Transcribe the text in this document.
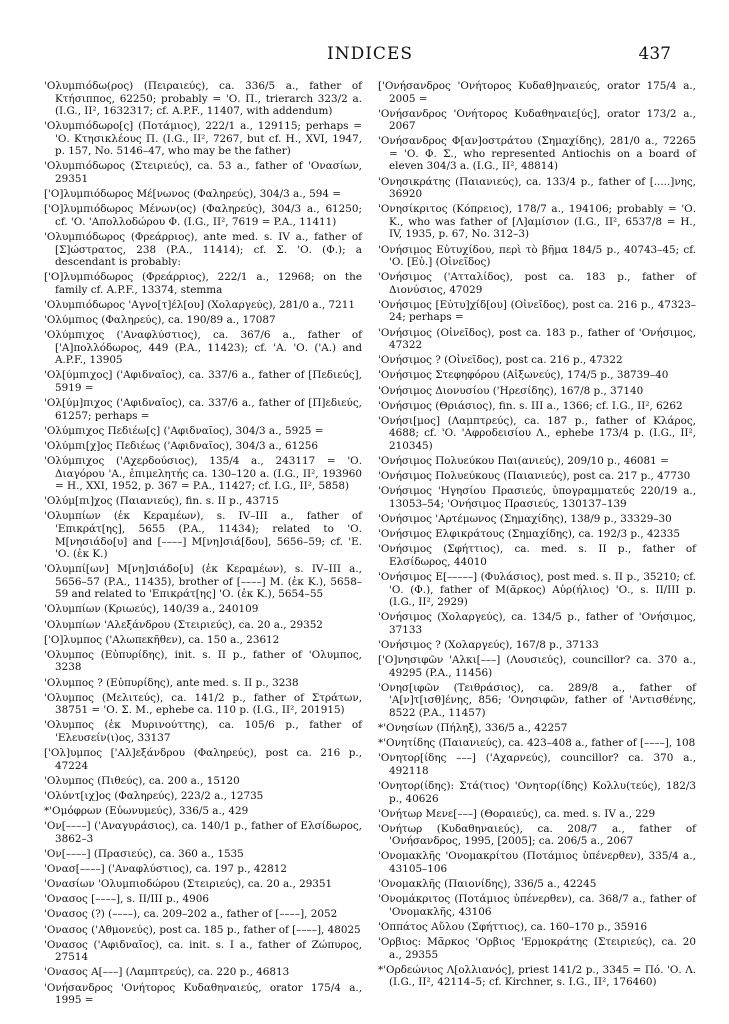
INDICES	437

'Ολυμπιόδω(ρος) (Πειραιεύς), ca. 336/5 a., father of Κτήσιππος, 62250; probably = 'Ο. Π., trierarch 323/2 a. (I.G., II², 1632317; cf. A.P.F., 11407, with addendum)

'Ολυμπιόδωρο[ς] (Ποτάμιος), 222/1 a., 129115; perhaps = 'Ο. Κτησικλέους Π. (I.G., II², 7267, but cf. H., XVI, 1947, p. 157, No. 5146–47, who may be the father)

'Ολυμπιόδωρος (Στειριεύς), ca. 53 a., father of 'Ονασίων, 29351

['Ο]λυμπιόδωρος Μέ[νωνος (Φαληρεύς), 304/3 a., 594 =

['Ο]λυμπιόδωρος Μένων(ος) (Φαληρεύς), 304/3 a., 61250; cf. 'Ο. 'Απολλοδώρου Φ. (I.G., II², 7619 = P.A., 11411)

'Ολυμπιόδωρος (Φρεάρριος), ante med. s. IV a., father of [Σ]ώστρατος, 238 (P.A., 11414); cf. Σ. 'Ο. (Φ.); a descendant is probably:

['Ο]λυμπιόδωρος (Φρεάρριος), 222/1 a., 12968; on the family cf. A.P.F., 13374, stemma

'Ολυμπιόδωρος 'Αγνο[τ]έλ[ου] (Χολαργεύς), 281/0 a., 7211

'Ολύμπιος (Φαληρεύς), ca. 190/89 a., 17087

'Ολύμπιχος ('Αναφλύστιος), ca. 367/6 a., father of ['Α]πολλόδωρος, 449 (P.A., 11423); cf. 'Α. 'Ο. ('Α.) and A.P.F., 13905

'Ολ[ύμπιχος] ('Αφιδναῖος), ca. 337/6 a., father of [Πεδιεύς], 5919 =

'Ολ[ύμ]πιχος ('Αφιδναῖος), ca. 337/6 a., father of [Π]εδιεύς, 61257; perhaps =

'Ολύμπιχος Πεδιέω[ς] ('Αφιδναῖος), 304/3 a., 5925 =

'Ολύμπι[χ]ος Πεδιέως ('Αφιδναῖος), 304/3 a., 61256

'Ολύμπιχος ('Αχερδούσιος), 135/4 a., 243117 = 'Ο. Διαγόρου 'Α., ἐπιμελητής ca. 130–120 a. (I.G., II², 193960 = H., XXI, 1952, p. 367 = P.A., 11427; cf. I.G., II², 5858)

'Ολύμ[πι]χος (Παιανιεύς), fin. s. II p., 43715

'Ολυμπίων (ἐκ Κεραμέων), s. IV–III a., father of 'Επικράτ[ης], 5655 (P.A., 11434); related to 'Ο. Μ[νησιάδο[υ] and [––––] Μ[νη]σιά[δου], 5656–59; cf. 'Ε. 'Ο. (ἐκ Κ.)

'Ολυμπί[ων] Μ[νη]σιάδο[υ] (ἐκ Κεραμέων), s. IV–III a., 5656–57 (P.A., 11435), brother of [––––] Μ. (ἐκ Κ.), 5658–59 and related to 'Επικράτ[ης] 'Ο. (ἐκ Κ.), 5654–55

'Ολυμπίων (Κριωεύς), 140/39 a., 240109

'Ολυμπίων 'Αλεξάνδρου (Στειριεύς), ca. 20 a., 29352

['Ο]λυμπος ('Αλωπεκῆθεν), ca. 150 a., 23612

'Ολυμπος (Εὐπυρίδης), init. s. II p., father of 'Ολυμπος, 3238

'Ολυμπος ? (Εὐπυρίδης), ante med. s. II p., 3238

'Ολυμπος (Μελιτεύς), ca. 141/2 p., father of Στράτων, 38751 = 'Ο. Σ. Μ., ephebe ca. 110 p. (I.G., II², 201915)

'Ολυμπος (ἐκ Μυρινούττης), ca. 105/6 p., father of 'Ελευσείν(ι)ος, 33137

['Ολ]υμπος ['Αλ]εξάνδρου (Φαληρεύς), post ca. 216 p., 47224

'Ολυμπος (Πιθεύς), ca. 200 a., 15120

'Ολύντ[ιχ]ος (Φαληρεύς), 223/2 a., 12735

*'Ομόφρων (Εὐωνυμεύς), 336/5 a., 429

'Ον[––––] ('Αναγυράσιος), ca. 140/1 p., father of Ελσίδωρος, 3862–3

'Ον[––––] (Πρασιεύς), ca. 360 a., 1535

'Ονασ[––––] ('Αναφλύστιος), ca. 197 p., 42812

'Ονασίων 'Ολυμπιοδώρου (Στειριεύς), ca. 20 a., 29351

'Ονασος [––––], s. II/III p., 4906

'Ονασος (?) (––––), ca. 209–202 a., father of [––––], 2052

'Ονασος ('Αθμονεύς), post ca. 185 p., father of [––––], 48025

'Ονασος ('Αφιδναῖος), ca. init. s. I a., father of Ζώπυρος, 27514

'Ονασος Α[–––] (Λαμπτρεύς), ca. 220 p., 46813

'Ονήσανδρος 'Ονήτορος Κυδαθηναιεύς, orator 175/4 a., 1995 =

['Ονήσανδρος 'Ονήτορος Κυδαθ]ηναιεύς, orator 175/4 a., 2005 =

'Ονήσανδρος 'Ονήτορος Κυδαθηναιε[ύς], orator 173/2 a., 2067

'Ονήσανδρος Φ[αν]οστράτου (Σημαχίδης), 281/0 a., 72265 = 'Ο. Φ. Σ., who represented Antiochis on a board of eleven 304/3 a. (I.G., II², 48814)

'Ονησικράτης (Παιανιεύς), ca. 133/4 p., father of [.....]νης, 36920

'Ονησίκριτος (Κόπρειος), 178/7 a., 194106; probably = 'Ο. Κ., who was father of [Λ]αμίσιον (I.G., II², 6537/8 = H., IV, 1935, p. 67, No. 312–3)

'Ονήσιμος Εὐτυχίδου, περὶ τὸ βῆμα 184/5 p., 40743–45; cf. 'Ο. [Εὐ.] (Οἰνεῖδος)

'Ονήσιμος ('Ατταλίδος), post ca. 183 p., father of Διονύσιος, 47029

'Ονήσιμος [Εὐτυ]χίδ[ου] (Οἰνεῖδος), post ca. 216 p., 47323–24; perhaps =

'Ονήσιμος (Οἰνεῖδος), post ca. 183 p., father of 'Ονήσιμος, 47322

'Ονήσιμος ? (Οἰνεῖδος), post ca. 216 p., 47322

'Ονήσιμος Στεφηφόρου (Αἰξωνεύς), 174/5 p., 38739–40

'Ονήσιμος Διονυσίου ('Ηρεσίδης), 167/8 p., 37140

'Ονήσιμος (Θριάσιος), fin. s. III a., 1366; cf. I.G., II², 6262

'Ονήσι[μος] (Λαμπτρεύς), ca. 187 p., father of Κλάρος, 4688; cf. 'Ο. 'Αφροδεισίου Λ., ephebe 173/4 p. (I.G., II², 210345)

'Ονήσιμος Πολυεύκου Παι(ανιεύς), 209/10 p., 46081 =

'Ονήσιμος Πολυεύκους (Παιανιεύς), post ca. 217 p., 47730

'Ονήσιμος 'Ηγησίου Πρασιεύς, ὑπογραμματεύς 220/19 a., 13053–54; 'Ονήσιμος Πρασιεύς, 130137–139

'Ονήσιμος 'Αρτέμωνος (Σημαχίδης), 138/9 p., 33329–30

'Ονήσιμος Ελφικράτους (Σημαχίδης), ca. 192/3 p., 42335

'Ονήσιμος (Σφήττιος), ca. med. s. II p., father of Ελσίδωρος, 44010

'Ονήσιμος Ε[–––––] (Φυλάσιος), post med. s. II p., 35210; cf. 'Ο. (Φ.), father of Μ(ᾶρκος) Αὐρ(ήλιος) 'Ο., s. II/III p. (I.G., II², 2929)

'Ονήσιμος (Χολαργεύς), ca. 134/5 p., father of 'Ονήσιμος, 37133

'Ονήσιμος ? (Χολαργεύς), 167/8 p., 37133

['Ο]νησιφῶν 'Αλκι[–––] (Λουσιεύς), councillor? ca. 370 a., 49295 (P.A., 11456)

'Ονησ[ιφῶν (Τειθράσιος), ca. 289/8 a., father of 'Α[ν]τ[ισθ]ένης, 856; 'Ονησιφῶν, father of 'Αντισθένης, 8522 (P.A., 11457)

*'Ονησίων (Πήληξ), 336/5 a., 42257

*'Ονητίδης (Παιανιεύς), ca. 423–408 a., father of [––––], 108

'Ονητορ[ίδης –––] ('Αχαρνεύς), councillor? ca. 370 a., 492118

'Ονητορ(ίδης): Στά(τιος) 'Ονητορ(ίδης) Κολλυ(τεύς), 182/3 p., 40626

'Ονήτωρ Μενε[–––] (Θοραιεύς), ca. med. s. IV a., 229

'Ονήτωρ (Κυδαθηναιεύς), ca. 208/7 a., father of 'Ονήσανδρος, 1995, [2005]; ca. 206/5 a., 2067

'Ονομακλῆς 'Ονομακρίτου (Ποτάμιος ὑπένερθεν), 335/4 a., 43105–106

'Ονομακλῆς (Παιονίδης), 336/5 a., 42245

'Ονομάκριτος (Ποτάμιος ὑπένερθεν), ca. 368/7 a., father of 'Ονομακλῆς, 43106

'Οππάτος Αὔλου (Σφήττιος), ca. 160–170 p., 35916

'Ορβιος: Μᾶρκος 'Ορβιος 'Ερμοκράτης (Στειριεύς), ca. 20 a., 29355

*'Ορδεώνιος Λ[ολλιανός], priest 141/2 p., 3345 = Πό. 'Ο. Λ. (I.G., II², 42114–5; cf. Kirchner, s. I.G., II², 176460)
